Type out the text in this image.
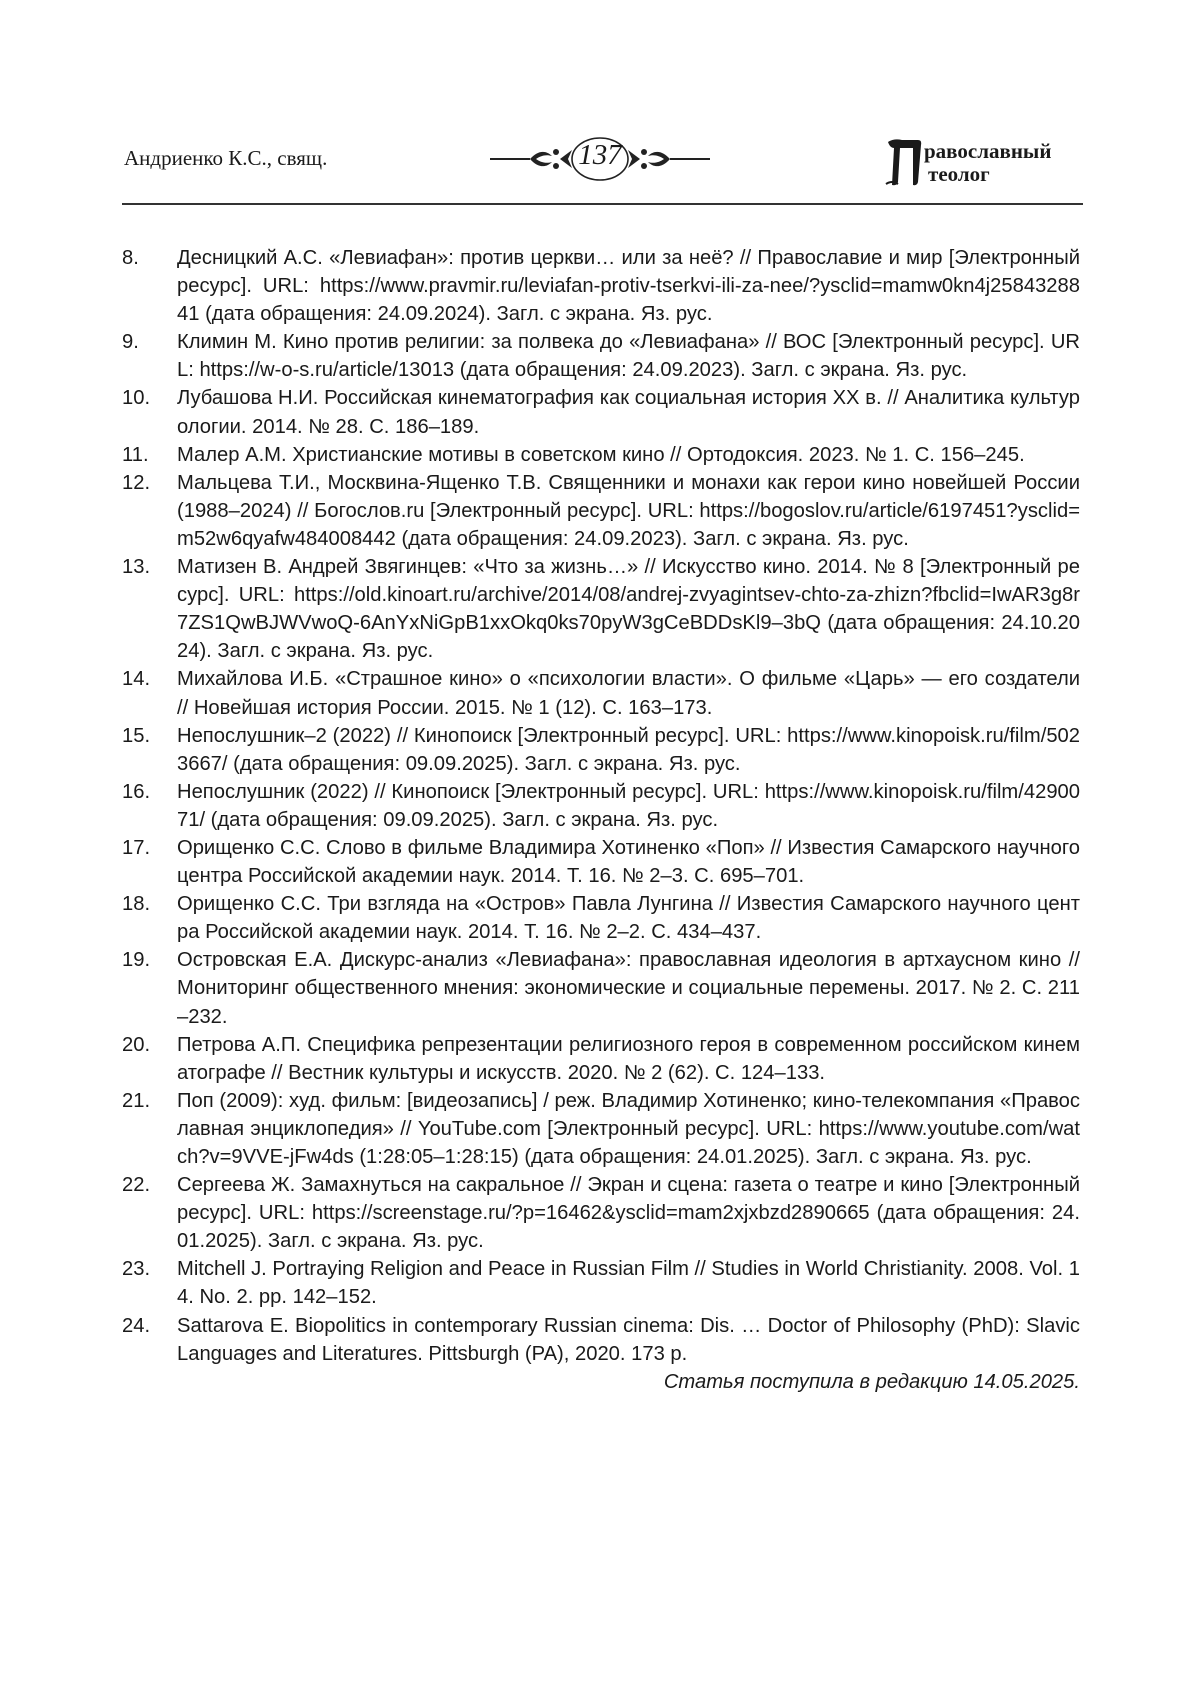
Андриенко К.С., свящ.	137	равославный
теолог
8.	Десницкий А.С. «Левиафан»: против церкви… или за неё? // Православие и мир [Электронный ресурс]. URL: https://www.pravmir.ru/leviafan-protiv-tserkvi-ili-za-nee/?ysclid=mamw0kn4j2584328841 (дата обращения: 24.09.2024). Загл. с экрана. Яз. рус.
9.	Климин М. Кино против религии: за полвека до «Левиафана» // ВОС [Электронный ресурс]. URL: https://w-o-s.ru/article/13013 (дата обращения: 24.09.2023). Загл. с экрана. Яз. рус.
10.	Лубашова Н.И. Российская кинематография как социальная история XX в. // Аналитика культурологии. 2014. № 28. С. 186–189.
11.	Малер А.М. Христианские мотивы в советском кино // Ортодоксия. 2023. № 1. С. 156–245.
12.	Мальцева Т.И., Москвина-Ященко Т.В. Священники и монахи как герои кино новейшей России (1988–2024) // Богослов.ru [Электронный ресурс]. URL: https://bogoslov.ru/article/6197451?ysclid=m52w6qyafw484008442 (дата обращения: 24.09.2023). Загл. с экрана. Яз. рус.
13.	Матизен В. Андрей Звягинцев: «Что за жизнь…» // Искусство кино. 2014. № 8 [Электронный ресурс]. URL: https://old.kinoart.ru/archive/2014/08/andrej-zvyagintsev-chto-za-zhizn?fbclid=IwAR3g8r7ZS1QwBJWVwoQ-6AnYxNiGpB1xxOkq0ks70pyW3gCeBDDsKl9–3bQ (дата обращения: 24.10.2024). Загл. с экрана. Яз. рус.
14.	Михайлова И.Б. «Страшное кино» о «психологии власти». О фильме «Царь» — его создатели // Новейшая история России. 2015. № 1 (12). С. 163–173.
15.	Непослушник–2 (2022) // Кинопоиск [Электронный ресурс]. URL: https://www.kinopoisk.ru/film/5023667/ (дата обращения: 09.09.2025). Загл. с экрана. Яз. рус.
16.	Непослушник (2022) // Кинопоиск [Электронный ресурс]. URL: https://www.kinopoisk.ru/film/4290071/ (дата обращения: 09.09.2025). Загл. с экрана. Яз. рус.
17.	Орищенко С.С. Слово в фильме Владимира Хотиненко «Поп» // Известия Самарского научного центра Российской академии наук. 2014. Т. 16. № 2–3. С. 695–701.
18.	Орищенко С.С. Три взгляда на «Остров» Павла Лунгина // Известия Самарского научного центра Российской академии наук. 2014. Т. 16. № 2–2. С. 434–437.
19.	Островская Е.А. Дискурс-анализ «Левиафана»: православная идеология в артхаусном кино // Мониторинг общественного мнения: экономические и социальные перемены. 2017. № 2. С. 211–232.
20.	Петрова А.П. Специфика репрезентации религиозного героя в современном российском кинематографе // Вестник культуры и искусств. 2020. № 2 (62). С. 124–133.
21.	Поп (2009): худ. фильм: [видеозапись] / реж. Владимир Хотиненко; кино-телекомпания «Православная энциклопедия» // YouTube.com [Электронный ресурс]. URL: https://www.youtube.com/watch?v=9VVE-jFw4ds (1:28:05–1:28:15) (дата обращения: 24.01.2025). Загл. с экрана. Яз. рус.
22.	Сергеева Ж. Замахнуться на сакральное // Экран и сцена: газета о театре и кино [Электронный ресурс]. URL: https://screenstage.ru/?p=16462&ysclid=mam2xjxbzd2890665 (дата обращения: 24.01.2025). Загл. с экрана. Яз. рус.
23.	Mitchell J. Portraying Religion and Peace in Russian Film // Studies in World Christianity. 2008. Vol. 14. No. 2. pp. 142–152.
24.	Sattarova E. Biopolitics in contemporary Russian cinema: Dis. … Doctor of Philosophy (PhD): Slavic Languages and Literatures. Pittsburgh (PA), 2020. 173 p.
Статья поступила в редакцию 14.05.2025.
